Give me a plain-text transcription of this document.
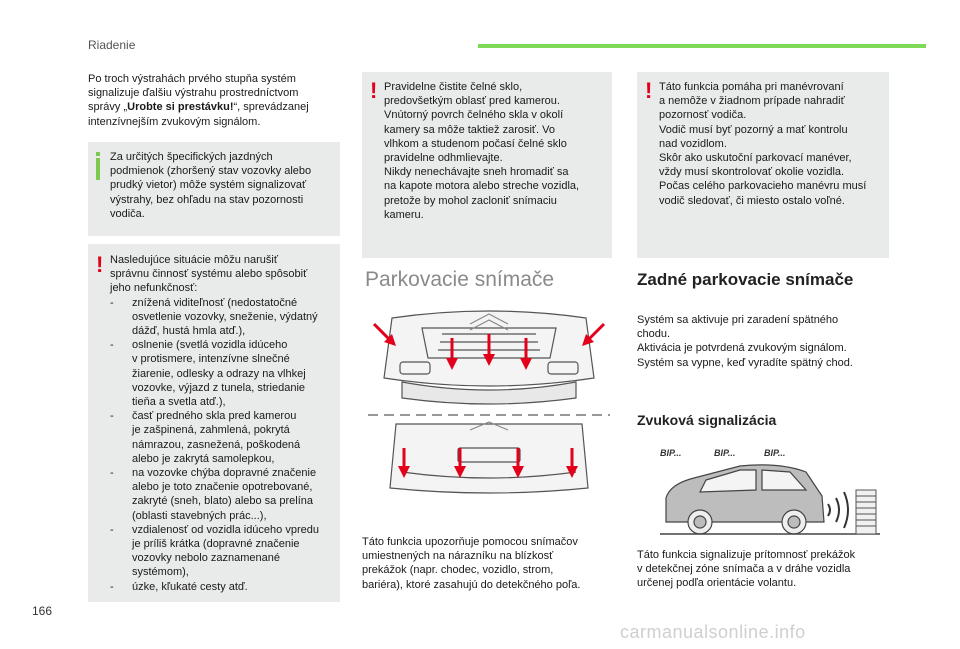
Riadenie

Po troch výstrahách prvého stupňa systém
signalizuje ďalšiu výstrahu prostredníctvom
správy „Urobte si prestávku!“, sprevádzanej
intenzívnejším zvukovým signálom.

Za určitých špecifických jazdných
podmienok (zhoršený stav vozovky alebo
prudký vietor) môže systém signalizovať
výstrahy, bez ohľadu na stav pozornosti
vodiča.

! Nasledujúce situácie môžu narušiť
správnu činnosť systému alebo spôsobiť
jeho nefunkčnosť:

- znížená viditeľnosť (nedostatočné
osvetlenie vozovky, sneženie, výdatný
dážď, hustá hmla atď.),
- oslnenie (svetlá vozidla idúceho
v protismere, intenzívne slnečné
žiarenie, odlesky a odrazy na vlhkej
vozovke, výjazd z tunela, striedanie
tieňa a svetla atď.),
- časť predného skla pred kamerou
je zašpinená, zahmlená, pokrytá
námrazou, zasnežená, poškodená
alebo je zakrytá samolepkou,
- na vozovke chýba dopravné značenie
alebo je toto značenie opotrebované,
zakryté (sneh, blato) alebo sa prelína
(oblasti stavebných prác...),
- vzdialenosť od vozidla idúceho vpredu
je príliš krátka (dopravné značenie
vozovky nebolo zaznamenané
systémom),
- úzke, kľukaté cesty atď.
! Pravidelne čistite čelné sklo,
predovšetkým oblasť pred kamerou.
Vnútorný povrch čelného skla v okolí
kamery sa môže taktiež zarosiť. Vo
vlhkom a studenom počasí čelné sklo
pravidelne odhmlievajte.
Nikdy nenechávajte sneh hromadiť sa
na kapote motora alebo streche vozidla,
pretože by mohol zacloniť snímaciu
kameru.

Parkovacie snímače

Táto funkcia upozorňuje pomocou snímačov
umiestnených na nárazníku na blízkosť
prekážok (napr. chodec, vozidlo, strom,
bariéra), ktoré zasahujú do detekčného poľa.

! Táto funkcia pomáha pri manévrovaní
a nemôže v žiadnom prípade nahradiť
pozornosť vodiča.
Vodič musí byť pozorný a mať kontrolu
nad vozidlom.
Skôr ako uskutoční parkovací manéver,
vždy musí skontrolovať okolie vozidla.
Počas celého parkovacieho manévru musí
vodič sledovať, či miesto ostalo voľné.

Zadné parkovacie snímače

Systém sa aktivuje pri zaradení spätného
chodu.
Aktivácia je potvrdená zvukovým signálom.
Systém sa vypne, keď vyradíte spätný chod.

Zvuková signalizácia
BIP...	BIP...	BIP...

Táto funkcia signalizuje prítomnosť prekážok
v detekčnej zóne snímača a v dráhe vozidla
určenej podľa orientácie volantu.

166
carmanualsonline.info
